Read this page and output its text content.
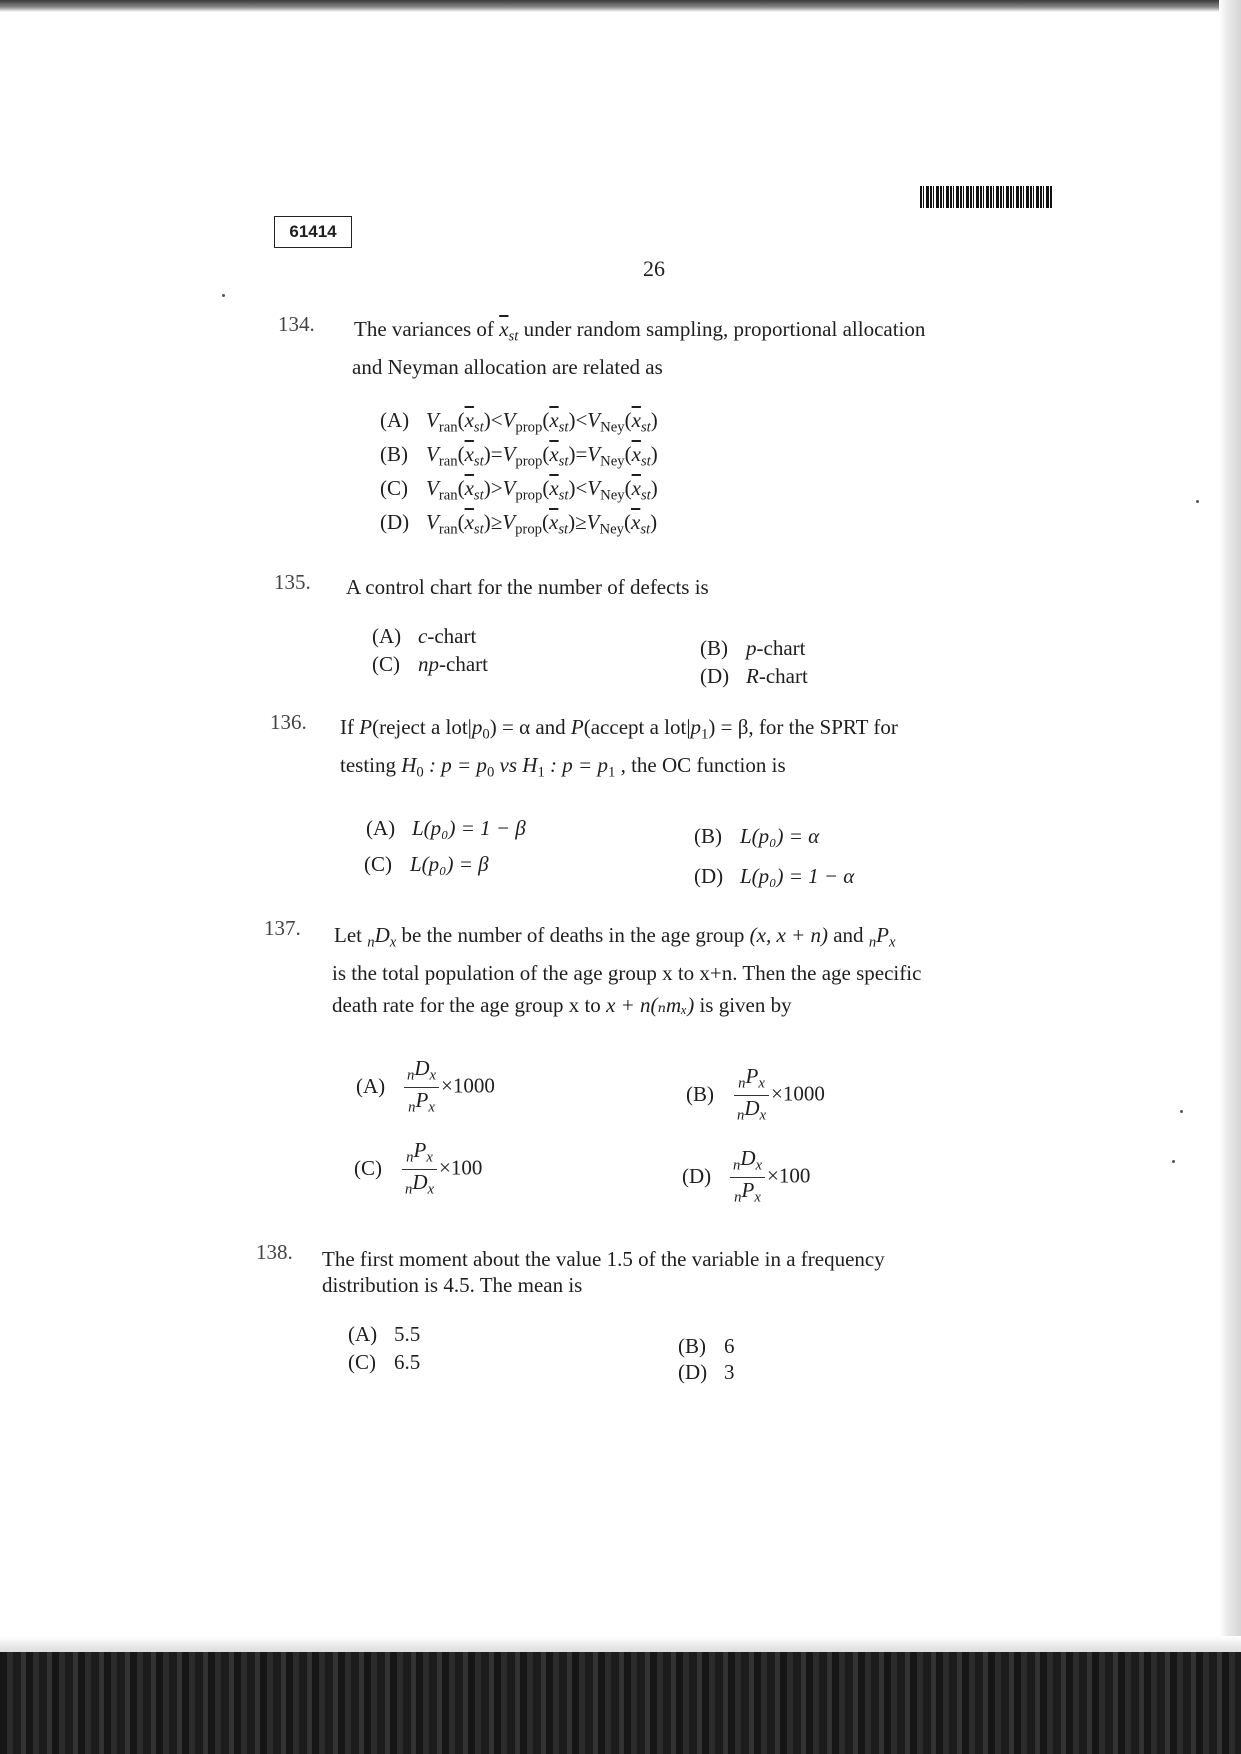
61414
26
134. The variances of $\overline{x}_{st}$ under random sampling, proportional allocation
and Neyman allocation are related as
(A) $V_{ran}(\overline{x}_{st})<V_{prop}(\overline{x}_{st})<V_{Ney}(\overline{x}_{st})$
(B) $V_{ran}(\overline{x}_{st})=V_{prop}(\overline{x}_{st})=V_{Ney}(\overline{x}_{st})$
(C) $V_{ran}(\overline{x}_{st})>V_{prop}(\overline{x}_{st})<V_{Ney}(\overline{x}_{st})$
(D) $V_{ran}(\overline{x}_{st})\ge V_{prop}(\overline{x}_{st})\ge V_{Ney}(\overline{x}_{st})$
135. A control chart for the number of defects is
(A) c-chart	(B) p-chart
(C) np-chart	(D) R-chart
136. If P(reject a $lot|p_0) = \alpha$ and P(accept a $lot|p_1) = \beta$, for the SPRT for
testing $H_0$ : $p = p_0$ vs $H_1$ : $p = p_1$ , the OC function is
(A) L(p₀) = 1 − β	(B) L(p₀) = α
(C) L(p₀) = β	(D) L(p₀) = 1 − α
137. Let $_nD_x$ be the number of deaths in the age group (x, x + n) and $_nP_x$
is the total population of the age group x to x+n. Then the age specific
death rate for the age group x to x + n(ₙmₓ) is given by
$(A) \frac{_nD_x}{_nP_x} \times 1000$	$(B) \frac{_nP_x}{_nD_x} \times 1000$
$(C) \frac{_nP_x}{_nD_x} \times 100$	$(D) \frac{_nD_x}{_nP_x} \times 100$
138. The first moment about the value 1.5 of the variable in a frequency
distribution is 4.5. The mean is
(A) 5.5	(B) 6
(C) 6.5	(D) 3
